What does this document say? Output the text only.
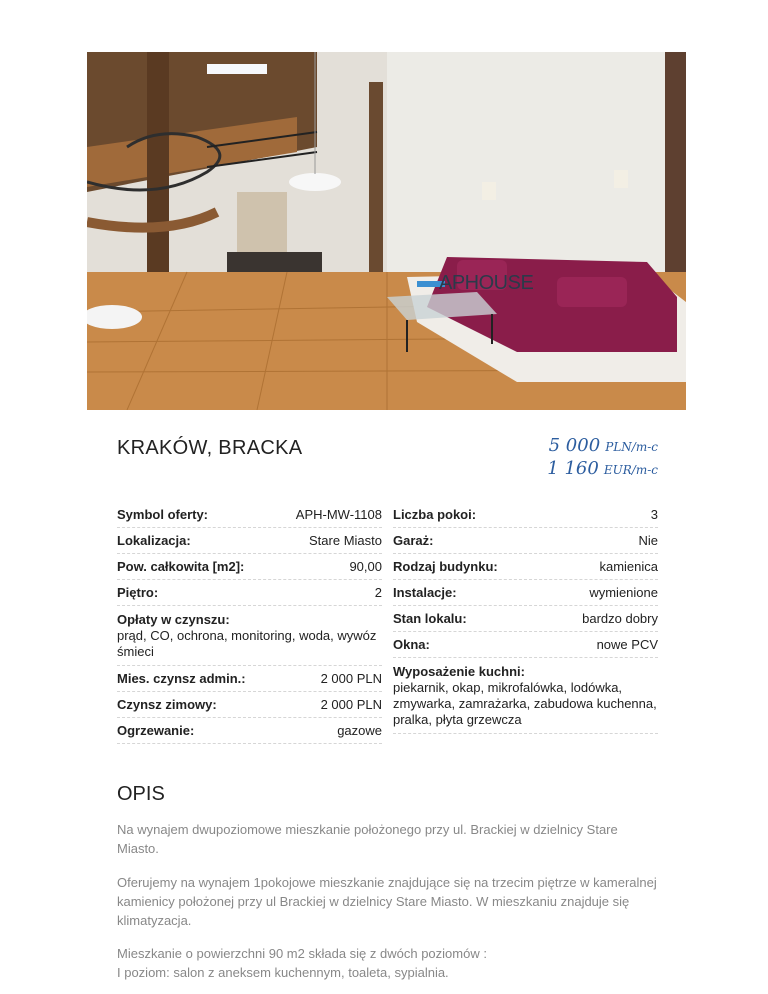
APHOUSE
KRAKÓW, BRACKA	5 000 PLN/m-c
1 160 EUR/m-c
Symbol oferty:	APH-MW-1108
Lokalizacja:	Stare Miasto
Pow. całkowita [m2]:	90,00
Piętro:	2
Opłaty w czynszu:
prąd, CO, ochrona, monitoring, woda, wywóz śmieci
Mies. czynsz admin.:	2 000 PLN
Czynsz zimowy:	2 000 PLN
Ogrzewanie:	gazowe
Liczba pokoi:	3
Garaż:	Nie
Rodzaj budynku:	kamienica
Instalacje:	wymienione
Stan lokalu:	bardzo dobry
Okna:	nowe PCV
Wyposażenie kuchni:
piekarnik, okap, mikrofalówka, lodówka, zmywarka, zamrażarka, zabudowa kuchenna, pralka, płyta grzewcza
OPIS
Na wynajem dwupoziomowe mieszkanie położonego przy ul. Brackiej w dzielnicy Stare Miasto.
Oferujemy na wynajem 1pokojowe mieszkanie znajdujące się na trzecim piętrze w kameralnej kamienicy położonej przy ul Brackiej w dzielnicy Stare Miasto. W mieszkaniu znajduje się klimatyzacja.
Mieszkanie o powierzchni 90 m2 składa się z dwóch poziomów :
I poziom: salon z aneksem kuchennym, toaleta, sypialnia.
